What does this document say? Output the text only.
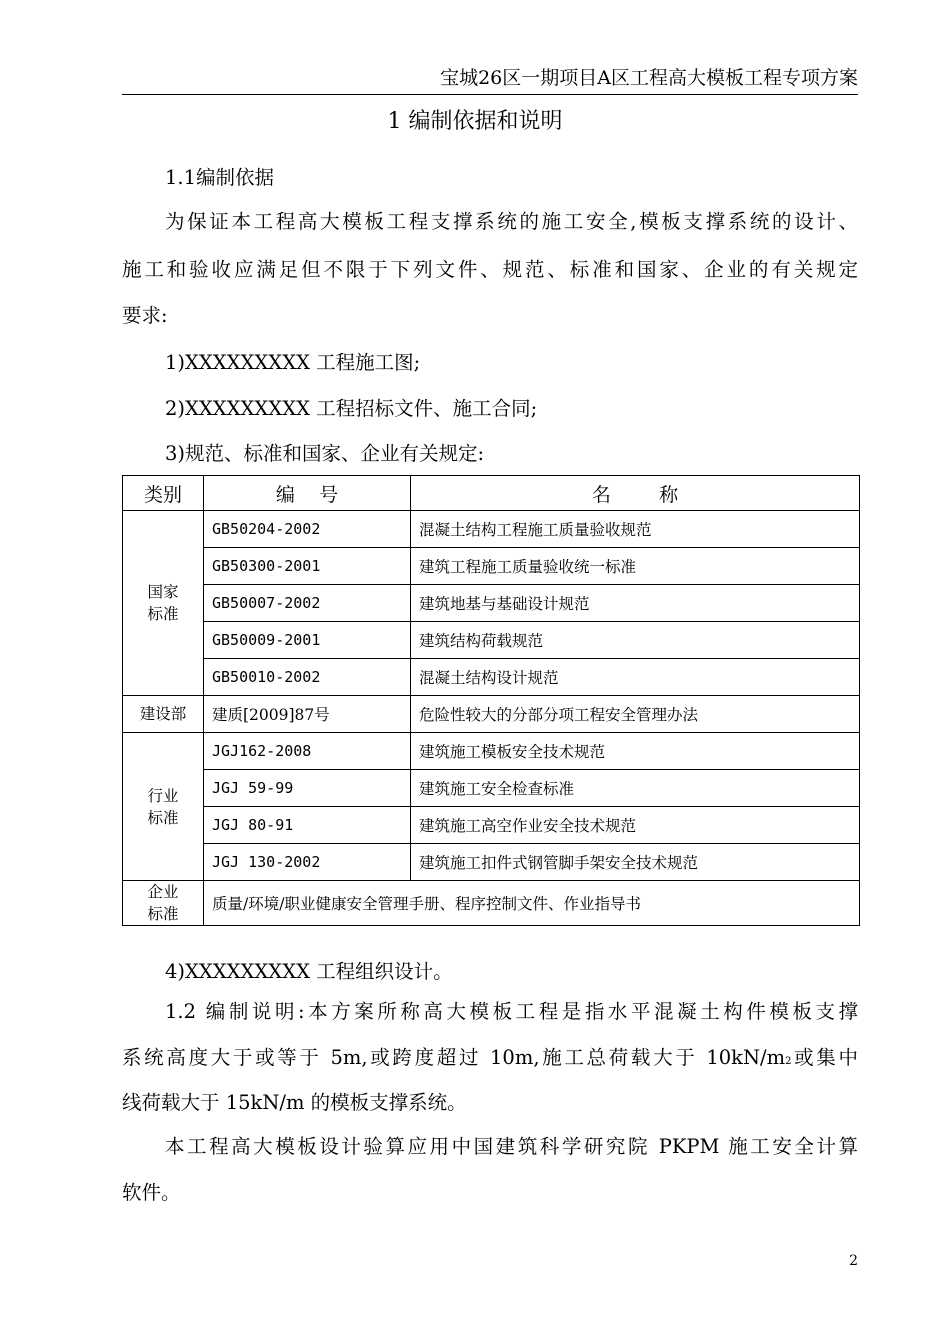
宝城26区一期项目A区工程高大模板工程专项方案
1 编制依据和说明
1.1编制依据
为保证本工程高大模板工程支撑系统的施工安全,模板支撑系统的设计、
施工和验收应满足但不限于下列文件、规范、标准和国家、企业的有关规定
要求:
1)XXXXXXXXX 工程施工图;
2)XXXXXXXXX 工程招标文件、施工合同;
3)规范、标准和国家、企业有关规定:
类别	编    号	名        称

国家标准	GB50204-2002	混凝土结构工程施工质量验收规范
	GB50300-2001	建筑工程施工质量验收统一标准
	GB50007-2002	建筑地基与基础设计规范
	GB50009-2001	建筑结构荷载规范
	GB50010-2002	混凝土结构设计规范
建设部	建质[2009]87号	危险性较大的分部分项工程安全管理办法

行业标准	JGJ162-2008	建筑施工模板安全技术规范
	JGJ 59-99	建筑施工安全检查标准
	JGJ 80-91	建筑施工高空作业安全技术规范
	JGJ 130-2002	建筑施工扣件式钢管脚手架安全技术规范

企业标准	质量/环境/职业健康安全管理手册、程序控制文件、作业指导书	
4)XXXXXXXXX 工程组织设计。
1.2 编制说明:本方案所称高大模板工程是指水平混凝土构件模板支撑
系统高度大于或等于 5m,或跨度超过 10m,施工总荷载大于 10kN/m2或集中
线荷载大于 15kN/m 的模板支撑系统。
本工程高大模板设计验算应用中国建筑科学研究院 PKPM 施工安全计算
软件。
2
